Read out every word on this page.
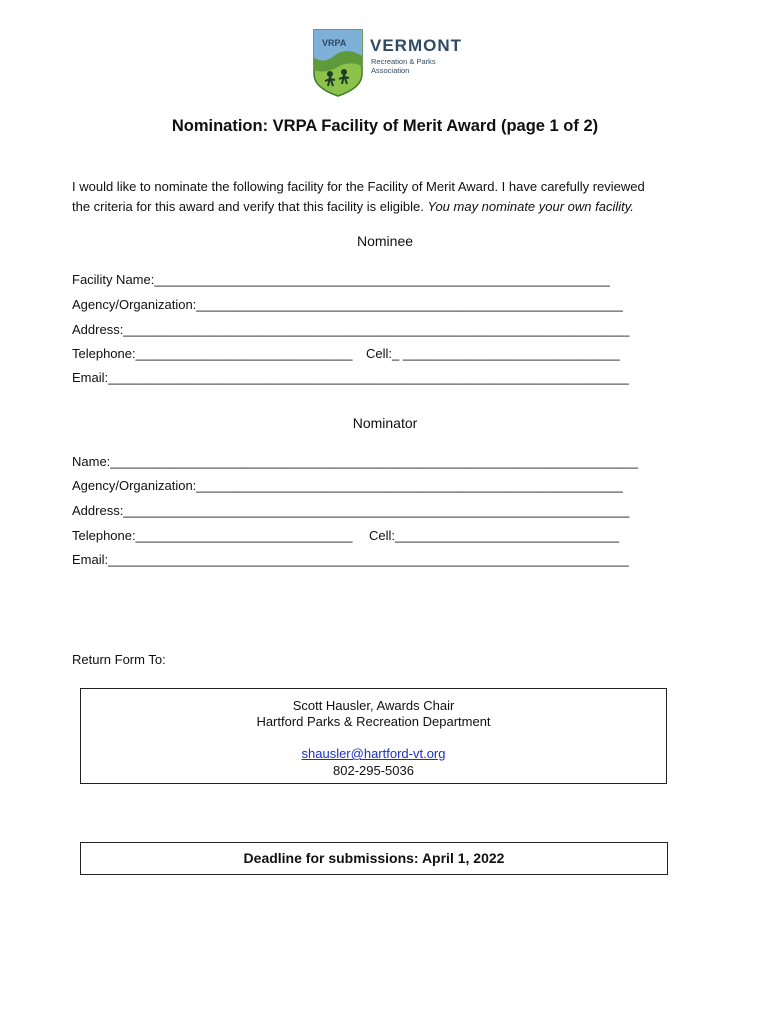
VRPA VERMONT
Recreation & Parks Association
Nomination: VRPA Facility of Merit Award (page 1 of 2)
I would like to nominate the following facility for the Facility of Merit Award. I have carefully reviewed
the criteria for this award and verify that this facility is eligible. You may nominate your own facility.
Nominee
Facility Name:_______________________________________________________________
Agency/Organization:___________________________________________________________
Address:______________________________________________________________________
Telephone:______________________________ Cell:_ ______________________________
Email:________________________________________________________________________
Nominator
Name:_________________________________________________________________________
Agency/Organization:___________________________________________________________
Address:______________________________________________________________________
Telephone:______________________________ Cell:_______________________________
Email:________________________________________________________________________
Return Form To:
Scott Hausler, Awards Chair
Hartford Parks & Recreation Department
shausler@hartford-vt.org
802-295-5036
Deadline for submissions: April 1, 2022
